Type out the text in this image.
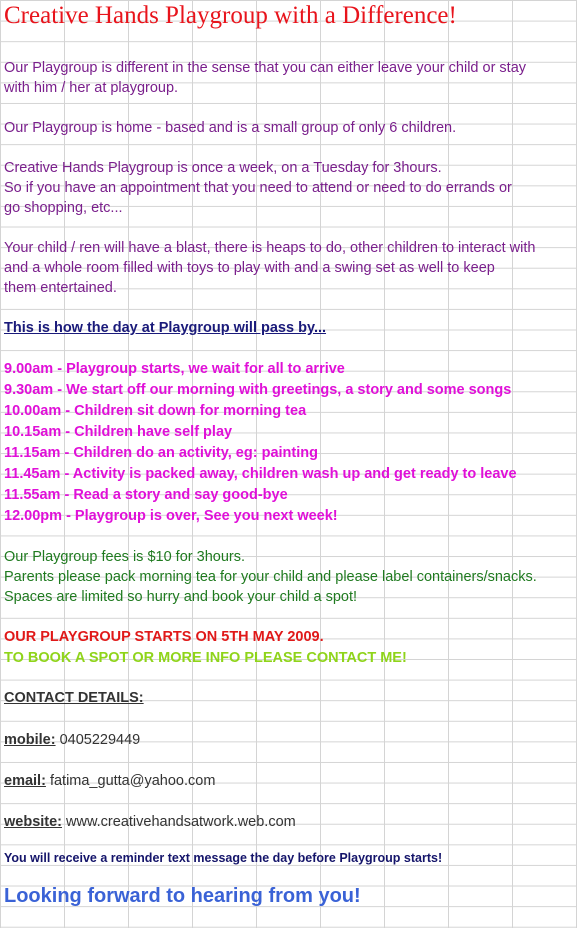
Creative Hands Playgroup with a Difference!
Our Playgroup is different in the sense that you can either leave your child or stay
with him / her at playgroup.
Our Playgroup is home - based and is a small group of only 6 children.
Creative Hands Playgroup is once a week, on a Tuesday for 3hours.
So if you have an appointment that you need to attend or need to do errands or
go shopping, etc...
Your child / ren will have a blast, there is heaps to do, other children to interact with
and a whole room filled with toys to play with and a swing set as well to keep
them entertained.
This is how the day at Playgroup will pass by...
9.00am - Playgroup starts, we wait for all to arrive
9.30am - We start off our morning with greetings, a story and some songs
10.00am - Children sit down for morning tea
10.15am - Children have self play
11.15am - Children do an activity, eg: painting
11.45am - Activity is packed away, children wash up and get ready to leave
11.55am - Read a story and say good-bye
12.00pm - Playgroup is over, See you next week!
Our Playgroup fees is $10 for 3hours.
Parents please pack morning tea for your child and please label containers/snacks.
Spaces are limited so hurry and book your child a spot!
OUR PLAYGROUP STARTS ON 5TH MAY 2009.
TO BOOK A SPOT OR MORE INFO PLEASE CONTACT ME!
CONTACT DETAILS:
mobile: 0405229449
email: fatima_gutta@yahoo.com
website: www.creativehandsatwork.web.com
You will receive a reminder text message the day before Playgroup starts!
Looking forward to hearing from you!
